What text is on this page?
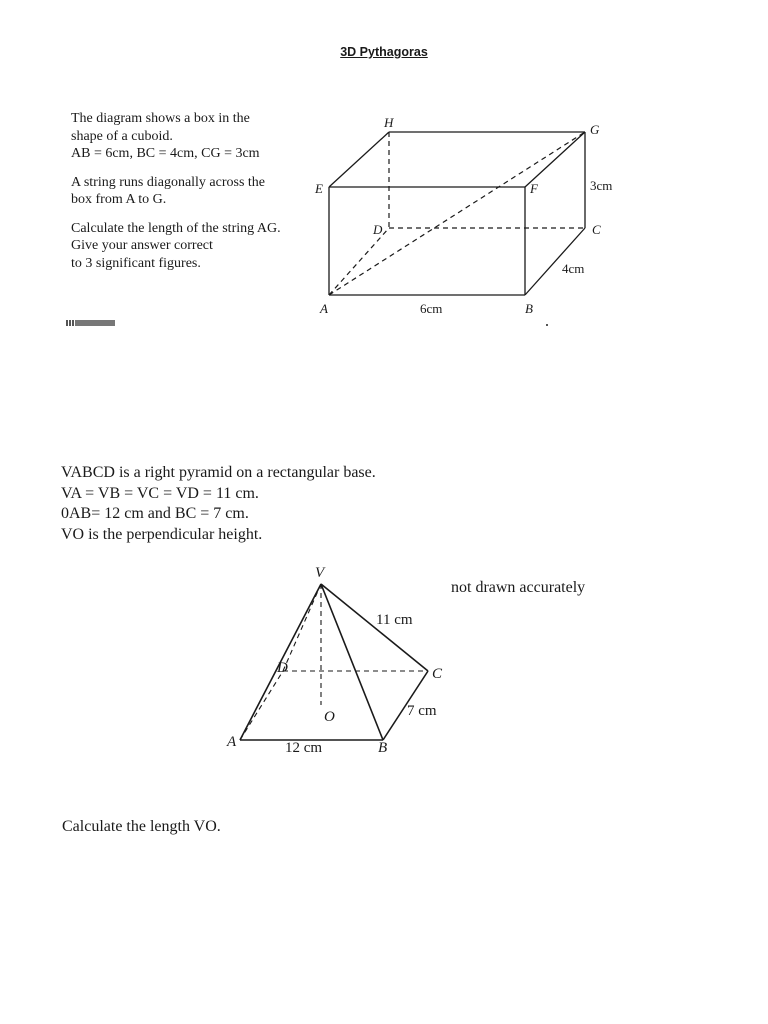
3D Pythagoras

The diagram shows a box in the
shape of a cuboid.
AB = 6cm, BC = 4cm, CG = 3cm

A string runs diagonally across the
box from A to G.

Calculate the length of the string AG.
Give your answer correct
to 3 significant figures.

H	G
E	F
D	C
A	B
3cm
4cm
6cm
VABCD is a right pyramid on a rectangular base.
VA = VB = VC = VD = 11 cm.
0AB= 12 cm and BC = 7 cm.
VO is the perpendicular height.
not drawn accurately
V
D	C
O
A	B
11 cm
7 cm
12 cm
Calculate the length VO.
